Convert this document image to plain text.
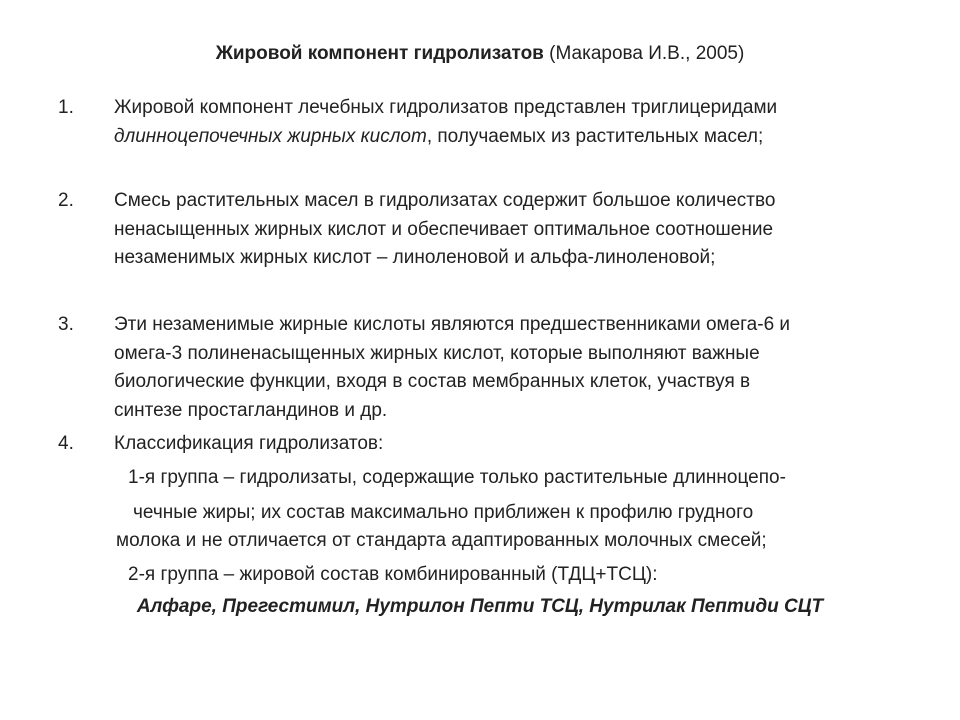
Жировой компонент гидролизатов (Макарова И.В., 2005)
1. Жировой компонент лечебных гидролизатов представлен триглицеридами
длинноцепочечных жирных кислот, получаемых из растительных масел;
2. Смесь растительных масел в гидролизатах содержит большое количество
ненасыщенных жирных кислот и обеспечивает оптимальное соотношение
незаменимых жирных кислот – линоленовой и альфа-линоленовой;
3. Эти незаменимые жирные кислоты являются предшественниками омега-6 и
омега-3 полиненасыщенных жирных кислот, которые выполняют важные
биологические функции, входя в состав мембранных клеток, участвуя в
синтезе простагландинов и др.
4. Классификация гидролизатов:
1-я группа – гидролизаты, содержащие только растительные длинноцепо-
чечные жиры; их состав максимально приближен к профилю грудного
молока и не отличается от стандарта адаптированных молочных смесей;
2-я группа – жировой состав комбинированный (ТДЦ+ТСЦ):
Алфаре, Прегестимил, Нутрилон Пепти ТСЦ, Нутрилак Пептиди СЦТ
